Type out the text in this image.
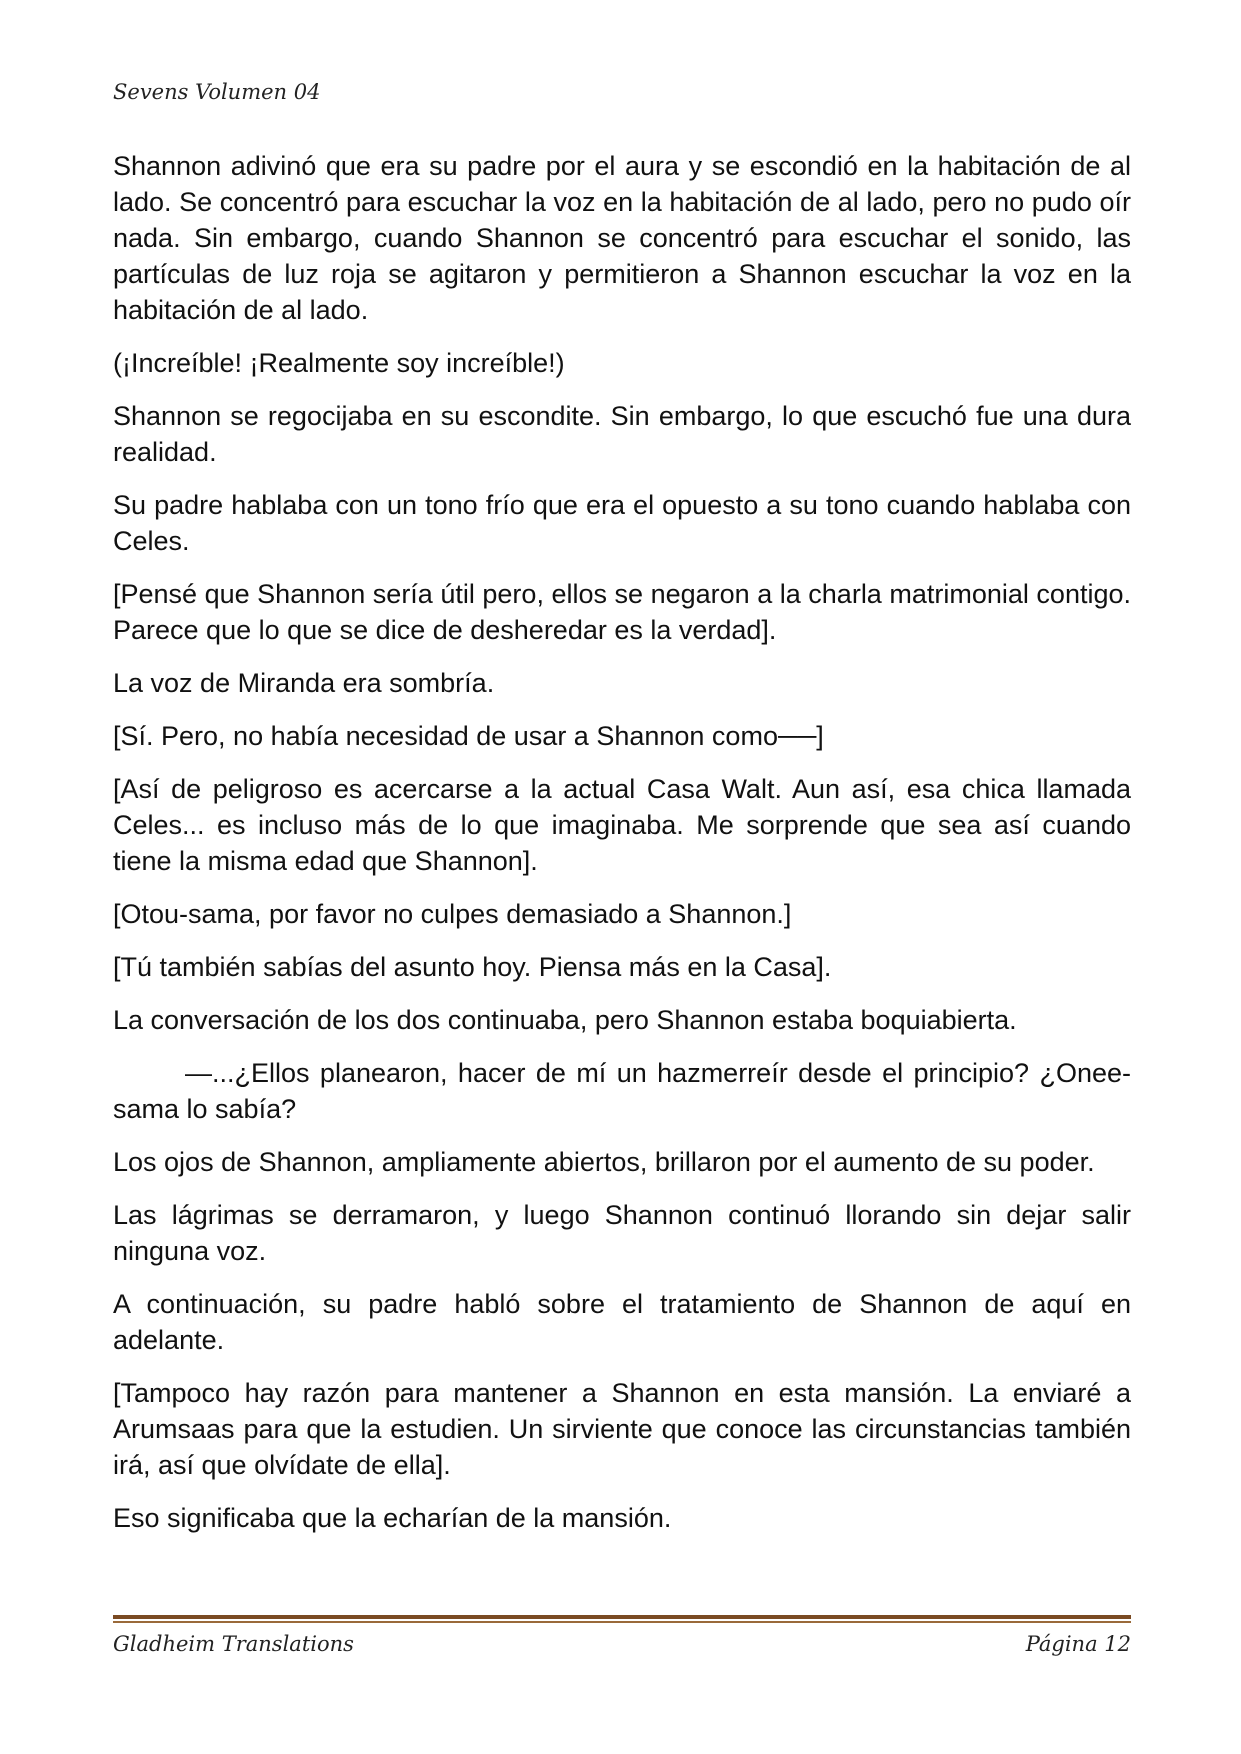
Sevens Volumen 04

Shannon adivinó que era su padre por el aura y se escondió en la habitación de al lado. Se concentró para escuchar la voz en la habitación de al lado, pero no pudo oír nada. Sin embargo, cuando Shannon se concentró para escuchar el sonido, las partículas de luz roja se agitaron y permitieron a Shannon escuchar la voz en la habitación de al lado.

(¡Increíble! ¡Realmente soy increíble!)

Shannon se regocijaba en su escondite. Sin embargo, lo que escuchó fue una dura realidad.

Su padre hablaba con un tono frío que era el opuesto a su tono cuando hablaba con Celes.

[Pensé que Shannon sería útil pero, ellos se negaron a la charla matrimonial contigo. Parece que lo que se dice de desheredar es la verdad].

La voz de Miranda era sombría.

[Sí. Pero, no había necesidad de usar a Shannon como──]

[Así de peligroso es acercarse a la actual Casa Walt. Aun así, esa chica llamada Celes... es incluso más de lo que imaginaba. Me sorprende que sea así cuando tiene la misma edad que Shannon].

[Otou-sama, por favor no culpes demasiado a Shannon.]

[Tú también sabías del asunto hoy. Piensa más en la Casa].

La conversación de los dos continuaba, pero Shannon estaba boquiabierta.

—...¿Ellos planearon, hacer de mí un hazmerreír desde el principio? ¿Onee-sama lo sabía?

Los ojos de Shannon, ampliamente abiertos, brillaron por el aumento de su poder.

Las lágrimas se derramaron, y luego Shannon continuó llorando sin dejar salir ninguna voz.

A continuación, su padre habló sobre el tratamiento de Shannon de aquí en adelante.

[Tampoco hay razón para mantener a Shannon en esta mansión. La enviaré a Arumsaas para que la estudien. Un sirviente que conoce las circunstancias también irá, así que olvídate de ella].

Eso significaba que la echarían de la mansión.

Gladheim Translations	Página 12
